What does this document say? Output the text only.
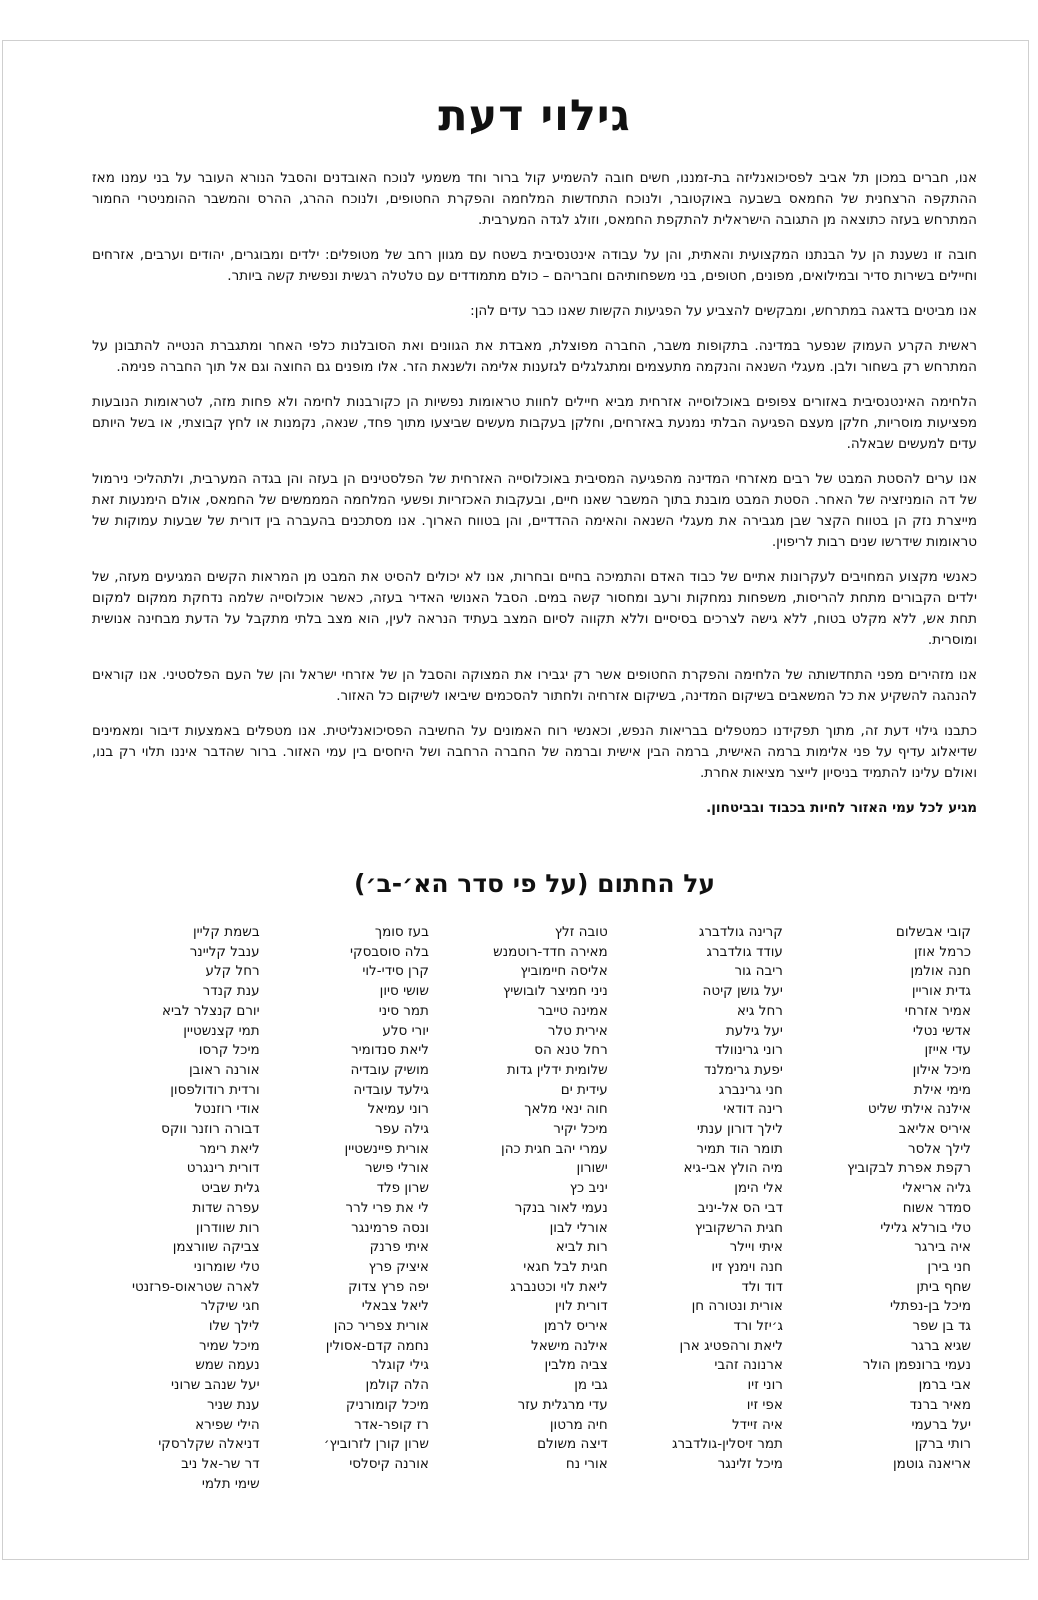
גילוי דעת

אנו, חברים במכון תל אביב לפסיכואנליזה בת-זמננו, חשים חובה להשמיע קול ברור וחד משמעי לנוכח האובדנים והסבל הנורא העובר על בני עמנו מאז ההתקפה הרצחנית של החמאס בשבעה באוקטובר, ולנוכח התחדשות המלחמה והפקרת החטופים, ולנוכח ההרג, ההרס והמשבר ההומניטרי החמור המתרחש בעזה כתוצאה מן התגובה הישראלית להתקפת החמאס, וזולג לגדה המערבית.

חובה זו נשענת הן על הבנתנו המקצועית והאתית, והן על עבודה אינטנסיבית בשטח עם מגוון רחב של מטופלים: ילדים ומבוגרים, יהודים וערבים, אזרחים וחיילים בשירות סדיר ובמילואים, מפונים, חטופים, בני משפחותיהם וחבריהם – כולם מתמודדים עם טלטלה רגשית ונפשית קשה ביותר.

אנו מביטים בדאגה במתרחש, ומבקשים להצביע על הפגיעות הקשות שאנו כבר עדים להן:

ראשית הקרע העמוק שנפער במדינה. בתקופות משבר, החברה מפוצלת, מאבדת את הגוונים ואת הסובלנות כלפי האחר ומתגברת הנטייה להתבונן על המתרחש רק בשחור ולבן. מעגלי השנאה והנקמה מתעצמים ומתגלגלים לגזענות אלימה ולשנאת הזר. אלו מופנים גם החוצה וגם אל תוך החברה פנימה.

הלחימה האינטנסיבית באזורים צפופים באוכלוסייה אזרחית מביא חיילים לחוות טראומות נפשיות הן כקורבנות לחימה ולא פחות מזה, לטראומות הנובעות מפציעות מוסריות, חלקן מעצם הפגיעה הבלתי נמנעת באזרחים, וחלקן בעקבות מעשים שביצעו מתוך פחד, שנאה, נקמנות או לחץ קבוצתי, או בשל היותם עדים למעשים שבאלה.

אנו ערים להסטת המבט של רבים מאזרחי המדינה מהפגיעה המסיבית באוכלוסייה האזרחית של הפלסטינים הן בעזה והן בגדה המערבית, ולתהליכי נירמול של דה הומניזציה של האחר. הסטת המבט מובנת בתוך המשבר שאנו חיים, ובעקבות האכזריות ופשעי המלחמה המממשים של החמאס, אולם הימנעות זאת מייצרת נזק הן בטווח הקצר שבן מגבירה את מעגלי השנאה והאימה ההדדיים, והן בטווח הארוך. אנו מסתכנים בהעברה בין דורית של שבעות עמוקות של טראומות שידרשו שנים רבות לריפוין.

כאנשי מקצוע המחויבים לעקרונות אתיים של כבוד האדם והתמיכה בחיים ובחרות, אנו לא יכולים להסיט את המבט מן המראות הקשים המגיעים מעזה, של ילדים הקבורים מתחת להריסות, משפחות נמחקות ורעב ומחסור קשה במים. הסבל האנושי האדיר בעזה, כאשר אוכלוסייה שלמה נדחקת ממקום למקום תחת אש, ללא מקלט בטוח, ללא גישה לצרכים בסיסיים וללא תקווה לסיום המצב בעתיד הנראה לעין, הוא מצב בלתי מתקבל על הדעת מבחינה אנושית ומוסרית.

אנו מזהירים מפני התחדשותה של הלחימה והפקרת החטופים אשר רק יגבירו את המצוקה והסבל הן של אזרחי ישראל והן של העם הפלסטיני. אנו קוראים להנהגה להשקיע את כל המשאבים בשיקום המדינה, בשיקום אזרחיה ולחתור להסכמים שיביאו לשיקום כל האזור.

כתבנו גילוי דעת זה, מתוך תפקידנו כמטפלים בבריאות הנפש, וכאנשי רוח האמונים על החשיבה הפסיכואנליטית. אנו מטפלים באמצעות דיבור ומאמינים שדיאלוג עדיף על פני אלימות ברמה האישית, ברמה הבין אישית וברמה של החברה הרחבה ושל היחסים בין עמי האזור. ברור שהדבר איננו תלוי רק בנו, ואולם עלינו להתמיד בניסיון לייצר מציאות אחרת.

מגיע לכל עמי האזור לחיות בכבוד ובביטחון.

על החתום (על פי סדר הא׳-ב׳)
קובי אבשלום
כרמל אוזן
חנה אולמן
גדית אוריין
אמיר אזרחי
אדשי נטלי
עדי אייזן
מיכל אילון
מימי אילת
אילנה אילתי שליט
איריס אליאב
לילך אלסר
רקפת אפרת לבקוביץ
גליה אריאלי
סמדר אשוח
טלי בורלא גלילי
איה בירגר
חני בירן
שחף ביתן
מיכל בן-נפתלי
גד בן שפר
שגיא ברגר
נעמי ברונפמן הולר
אבי ברמן
מאיר ברנד
יעל ברעמי
רותי ברקן
אריאנה גוטמן
קרינה גולדברג
עודד גולדברג
ריבה גור
יעל גושן קיטה
רחל גיא
יעל גילעת
רוני גרינוולד
יפעת גרימלנד
חני גרינברג
רינה דודאי
לילך דורון ענתי
תומר הוד תמיר
מיה הולץ אבי-גיא
אלי הימן
דבי הס אל-יניב
חגית הרשקוביץ
איתי ויילר
חנה וימנץ זיו
דוד ולד
אורית ונטורה חן
ג׳יזל ורד
ליאת ורהפטיג ארן
ארנונה זהבי
רוני זיו
אפי זיו
איה זיידל
תמר זיסלין-גולדברג
מיכל זלינגר
טובה זלץ
מאירה חדד-רוטמנש
אליסה חיימוביץ
ניני חמיצר לובושיץ
אמינה טייבר
אירית טלר
רחל טנא הס
שלומית ידלין גדות
עידית ים
חוה ינאי מלאך
מיכל יקיר
עמרי יהב חגית כהן
ישורון
יניב כץ
נעמי לאור בנקר
אורלי לבון
רות לביא
חגית לבל חגאי
ליאת לוי וכטנברג
דורית לוין
איריס לרמן
אילנה מישאל
צביה מלבין
גבי מן
עדי מרגלית עזר
חיה מרטון
דיצה משולם
אורי נח
בעז סומך
בלה סוסבסקי
קרן סידי-לוי
שושי סיון
תמר סיני
יורי סלע
ליאת סנדומיר
מושיק עובדיה
גילעד עובדיה
רוני עמיאל
גילה עפר
אורית פיינשטיין
אורלי פישר
שרון פלד
לי את פרי לרר
ונסה פרמינגר
איתי פרנק
איציק פרץ
יפה פרץ צדוק
ליאל צבאלי
אורית צפריר כהן
נחמה קדם-אסולין
גילי קוגלר
הלה קולמן
מיכל קומורניק
רז קופר-אדר
שרון קורן לזרוביץ׳
אורנה קיסלסי
בשמת קליין
ענבל קליינר
רחל קלע
ענת קנדר
יורם קנצלר לביא
תמי קצנשטיין
מיכל קרסו
אורנה ראובן
ורדית רודולפסון
אודי רוזנטל
דבורה רוזנר ווקס
ליאת רימר
דורית רינגרט
גלית שביט
עפרה שדות
רות שוודרון
צביקה שוורצמן
טלי שומרוני
לארה שטראוס-פרזנטי
חגי שיקלר
לילך שלו
מיכל שמיר
נעמה שמש
יעל שנהב שרוני
ענת שניר
הילי שפירא
דניאלה שקלרסקי
דר שר-אל ניב
שימי תלמי
